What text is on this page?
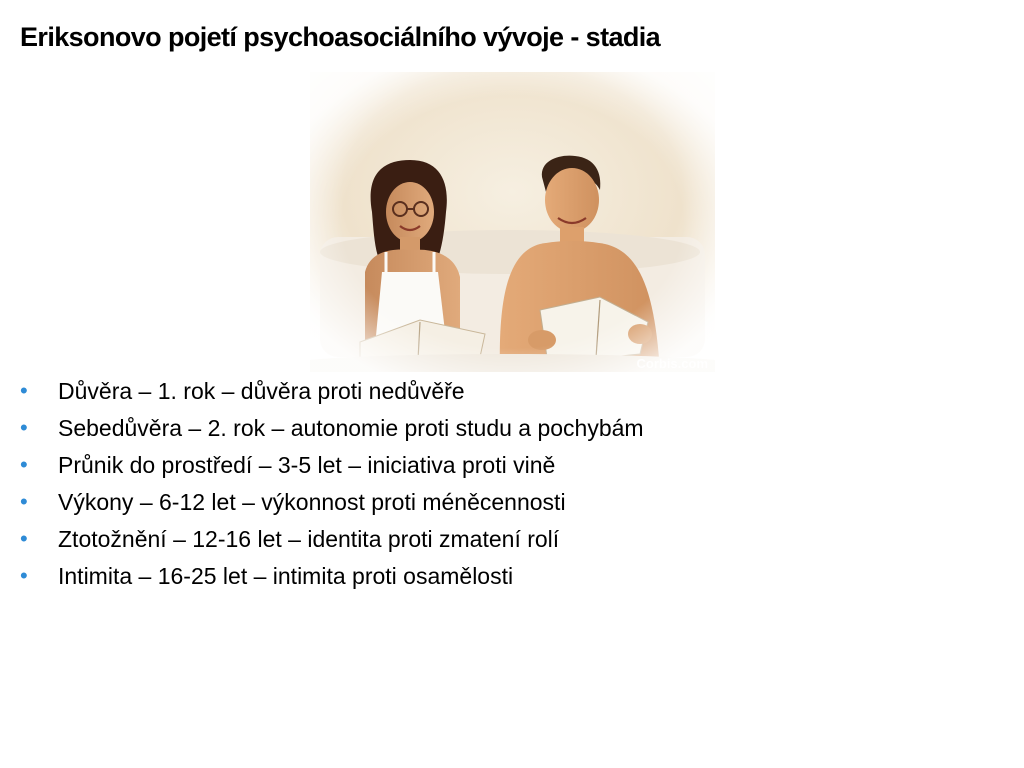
Eriksonovo pojetí psychoasociálního vývoje - stadia
Corbis.com
• Důvěra – 1. rok – důvěra proti nedůvěře
• Sebedůvěra – 2. rok – autonomie proti studu a pochybám
• Průnik do prostředí – 3-5 let – iniciativa proti vině
• Výkony – 6-12 let – výkonnost proti méněcennosti
• Ztotožnění – 12-16 let – identita proti zmatení rolí
• Intimita – 16-25 let – intimita proti osamělosti
